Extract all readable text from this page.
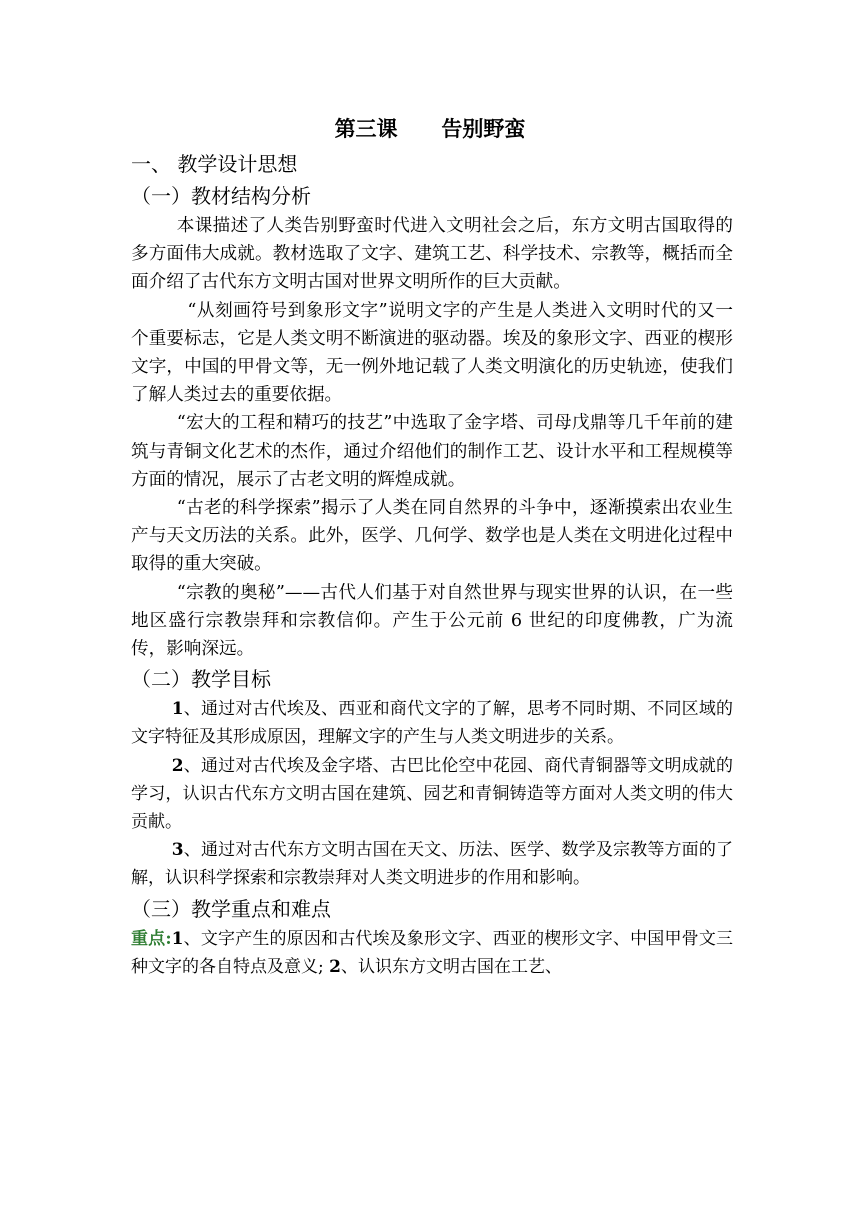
第三课      告别野蛮

一、 教学设计思想

（一）教材结构分析

本课描述了人类告别野蛮时代进入文明社会之后，东方文明古国取得的多方面伟大成就。教材选取了文字、建筑工艺、科学技术、宗教等，概括而全面介绍了古代东方文明古国对世界文明所作的巨大贡献。

“从刻画符号到象形文字”说明文字的产生是人类进入文明时代的又一个重要标志，它是人类文明不断演进的驱动器。埃及的象形文字、西亚的楔形文字，中国的甲骨文等，无一例外地记载了人类文明演化的历史轨迹，使我们了解人类过去的重要依据。

“宏大的工程和精巧的技艺”中选取了金字塔、司母戊鼎等几千年前的建筑与青铜文化艺术的杰作，通过介绍他们的制作工艺、设计水平和工程规模等方面的情况，展示了古老文明的辉煌成就。

“古老的科学探索”揭示了人类在同自然界的斗争中，逐渐摸索出农业生产与天文历法的关系。此外，医学、几何学、数学也是人类在文明进化过程中取得的重大突破。

“宗教的奥秘”——古代人们基于对自然世界与现实世界的认识，在一些地区盛行宗教崇拜和宗教信仰。产生于公元前 6 世纪的印度佛教，广为流传，影响深远。

（二）教学目标

1、通过对古代埃及、西亚和商代文字的了解，思考不同时期、不同区域的文字特征及其形成原因，理解文字的产生与人类文明进步的关系。

2、通过对古代埃及金字塔、古巴比伦空中花园、商代青铜器等文明成就的学习，认识古代东方文明古国在建筑、园艺和青铜铸造等方面对人类文明的伟大贡献。

3、通过对古代东方文明古国在天文、历法、医学、数学及宗教等方面的了解，认识科学探索和宗教崇拜对人类文明进步的作用和影响。

（三）教学重点和难点

重点:1、文字产生的原因和古代埃及象形文字、西亚的楔形文字、中国甲骨文三种文字的各自特点及意义; 2、认识东方文明古国在工艺、
